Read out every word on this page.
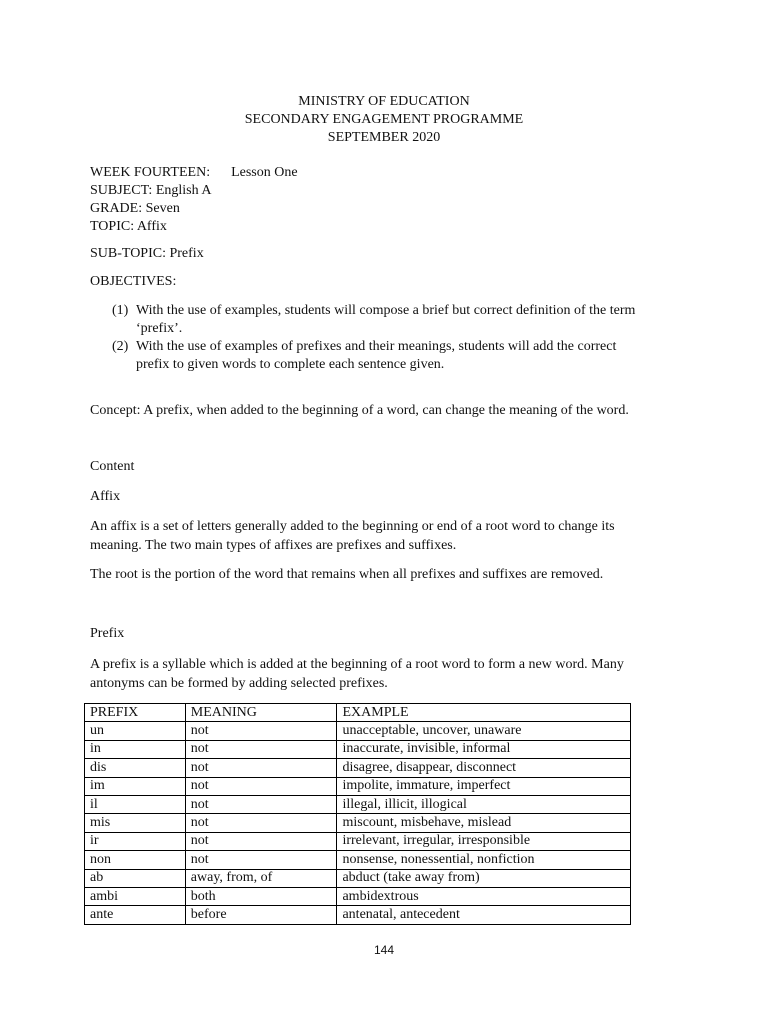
MINISTRY OF EDUCATION
SECONDARY ENGAGEMENT PROGRAMME
SEPTEMBER 2020
WEEK FOURTEEN: Lesson One
SUBJECT: English A
GRADE: Seven
TOPIC: Affix
SUB-TOPIC: Prefix
OBJECTIVES:
(1) With the use of examples, students will compose a brief but correct definition of the term
‘prefix’.
(2) With the use of examples of prefixes and their meanings, students will add the correct
prefix to given words to complete each sentence given.
Concept: A prefix, when added to the beginning of a word, can change the meaning of the word.
Content
Affix
An affix is a set of letters generally added to the beginning or end of a root word to change its
meaning. The two main types of affixes are prefixes and suffixes.
The root is the portion of the word that remains when all prefixes and suffixes are removed.
Prefix
A prefix is a syllable which is added at the beginning of a root word to form a new word. Many
antonyms can be formed by adding selected prefixes.
PREFIX	MEANING	EXAMPLE
un	not	unacceptable, uncover, unaware
in	not	inaccurate, invisible, informal
dis	not	disagree, disappear, disconnect
im	not	impolite, immature, imperfect
il	not	illegal, illicit, illogical
mis	not	miscount, misbehave, mislead
ir	not	irrelevant, irregular, irresponsible
non	not	nonsense, nonessential, nonfiction
ab	away, from, of	abduct (take away from)
ambi	both	ambidextrous
ante	before	antenatal, antecedent
144
